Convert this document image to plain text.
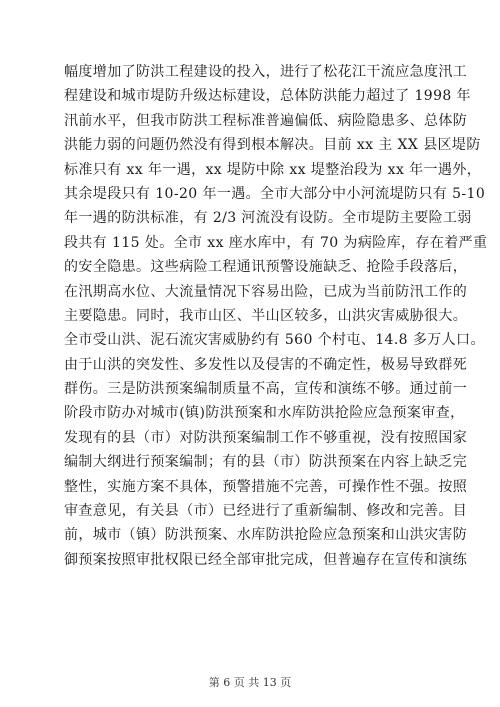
幅度增加了防洪工程建设的投入，进行了松花江干流应急度汛工
程建设和城市堤防升级达标建设，总体防洪能力超过了 1998 年
汛前水平，但我市防洪工程标准普遍偏低、病险隐患多、总体防
洪能力弱的问题仍然没有得到根本解决。目前 xx 主 XX 县区堤防
标准只有 xx 年一遇，xx 堤防中除 xx 堤整治段为 xx 年一遇外，
其余堤段只有 10-20 年一遇。全市大部分中小河流堤防只有 5-10
年一遇的防洪标准，有 2/3 河流没有设防。全市堤防主要险工弱
段共有 115 处。全市 xx 座水库中，有 70 为病险库，存在着严重
的安全隐患。这些病险工程通讯预警设施缺乏、抢险手段落后，
在汛期高水位、大流量情况下容易出险，已成为当前防汛工作的
主要隐患。同时，我市山区、半山区较多，山洪灾害威胁很大。
全市受山洪、泥石流灾害威胁约有 560 个村屯、14.8 多万人口。
由于山洪的突发性、多发性以及侵害的不确定性，极易导致群死
群伤。三是防洪预案编制质量不高，宣传和演练不够。通过前一
阶段市防办对城市(镇)防洪预案和水库防洪抢险应急预案审查，
发现有的县（市）对防洪预案编制工作不够重视，没有按照国家
编制大纲进行预案编制；有的县（市）防洪预案在内容上缺乏完
整性，实施方案不具体，预警措施不完善，可操作性不强。按照
审查意见，有关县（市）已经进行了重新编制、修改和完善。目
前，城市（镇）防洪预案、水库防洪抢险应急预案和山洪灾害防
御预案按照审批权限已经全部审批完成，但普遍存在宣传和演练
第 6 页 共 13 页
